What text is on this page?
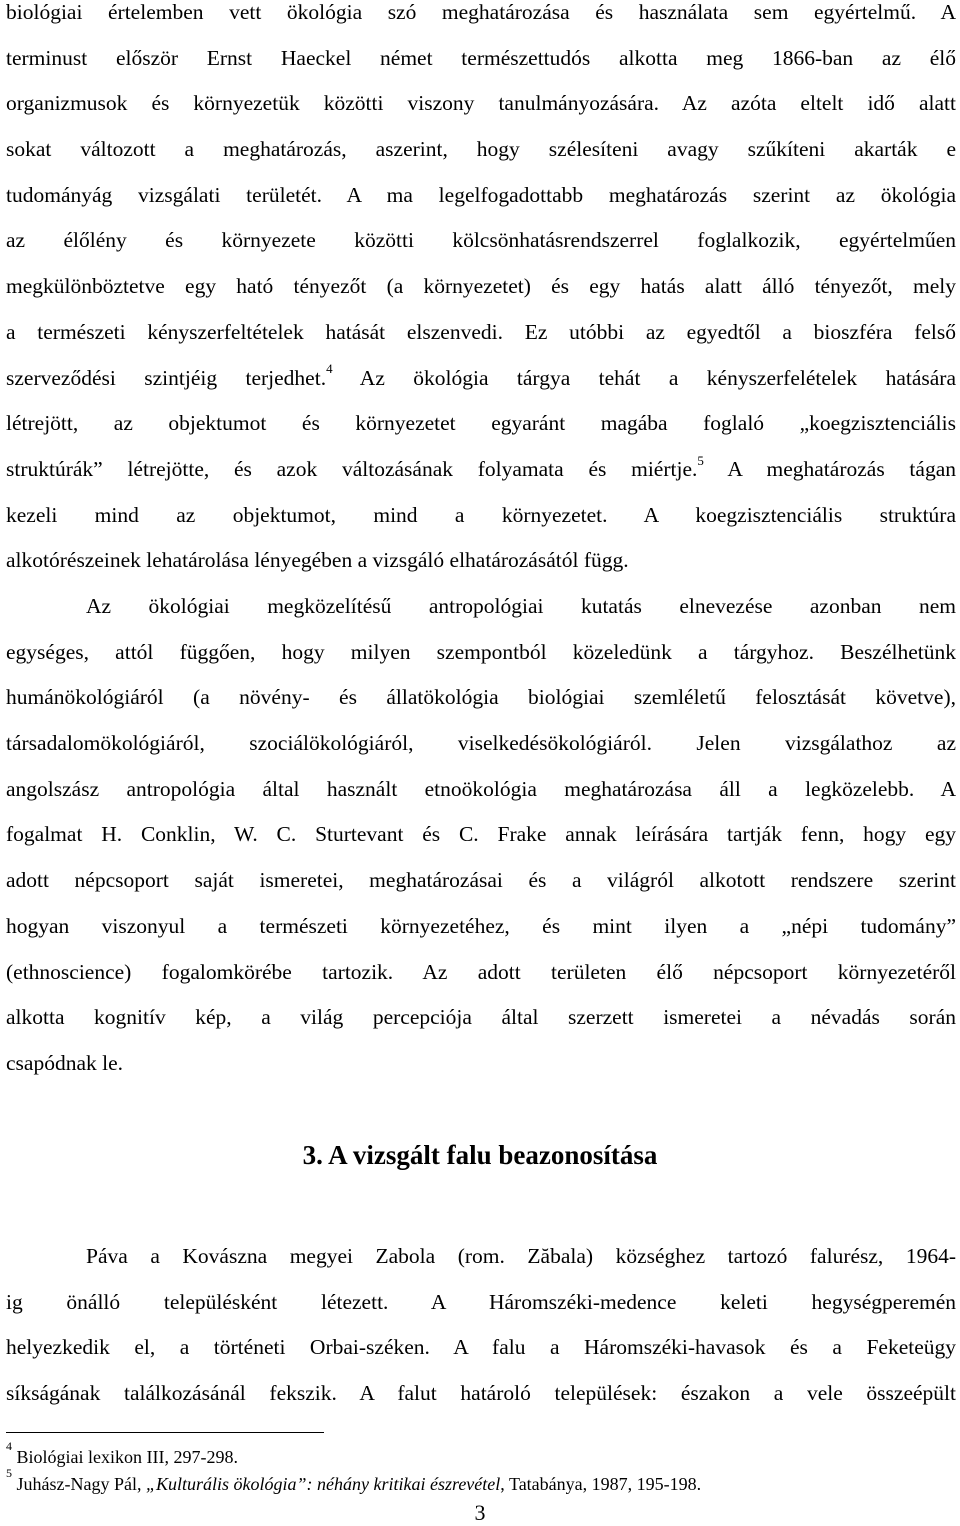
biológiai értelemben vett ökológia szó meghatározása és használata sem egyértelmű. A
terminust először Ernst Haeckel német természettudós alkotta meg 1866-ban az élő
organizmusok és környezetük közötti viszony tanulmányozására. Az azóta eltelt idő alatt
sokat változott a meghatározás, aszerint, hogy szélesíteni avagy szűkíteni akarták e
tudományág vizsgálati területét. A ma legelfogadottabb meghatározás szerint az ökológia
az élőlény és környezete közötti kölcsönhatásrendszerrel foglalkozik, egyértelműen
megkülönböztetve egy ható tényezőt (a környezetet) és egy hatás alatt álló tényezőt, mely
a természeti kényszerfeltételek hatását elszenvedi. Ez utóbbi az egyedtől a bioszféra felső
szerveződési szintjéig terjedhet.$^4$ Az ökológia tárgya tehát a kényszerfelételek hatására
létrejött, az objektumot és környezetet egyaránt magába foglaló „koegzisztenciális
struktúrák” létrejötte, és azok változásának folyamata és miértje.$^5$ A meghatározás tágan
kezeli mind az objektumot, mind a környezetet. A koegzisztenciális struktúra
alkotórészeinek lehatárolása lényegében a vizsgáló elhatározásától függ.
Az ökológiai megközelítésű antropológiai kutatás elnevezése azonban nem
egységes, attól függően, hogy milyen szempontból közeledünk a tárgyhoz. Beszélhetünk
humánökológiáról (a növény- és állatökológia biológiai szemléletű felosztását követve),
társadalomökológiáról, szociálökológiáról, viselkedésökológiáról. Jelen vizsgálathoz az
angolszász antropológia által használt etnoökológia meghatározása áll a legközelebb. A
fogalmat H. Conklin, W. C. Sturtevant és C. Frake annak leírására tartják fenn, hogy egy
adott népcsoport saját ismeretei, meghatározásai és a világról alkotott rendszere szerint
hogyan viszonyul a természeti környezetéhez, és mint ilyen a „népi tudomány”
(ethnoscience) fogalomkörébe tartozik. Az adott területen élő népcsoport környezetéről
alkotta kognitív kép, a világ percepciója által szerzett ismeretei a névadás során
csapódnak le.
3. A vizsgált falu beazonosítása
Páva a Kovászna megyei Zabola (rom. Zăbala) községhez tartozó falurész, 1964-
ig önálló településként létezett. A Háromszéki-medence keleti hegységperemén
helyezkedik el, a történeti Orbai-széken. A falu a Háromszéki-havasok és a Feketeügy
síkságának találkozásánál fekszik. A falut határoló települések: északon a vele összeépült
$^4$ Biológiai lexikon III, 297-298.
$^5$ Juhász-Nagy Pál, „Kulturális ökológia”: néhány kritikai észrevétel, Tatabánya, 1987, 195-198.
3
